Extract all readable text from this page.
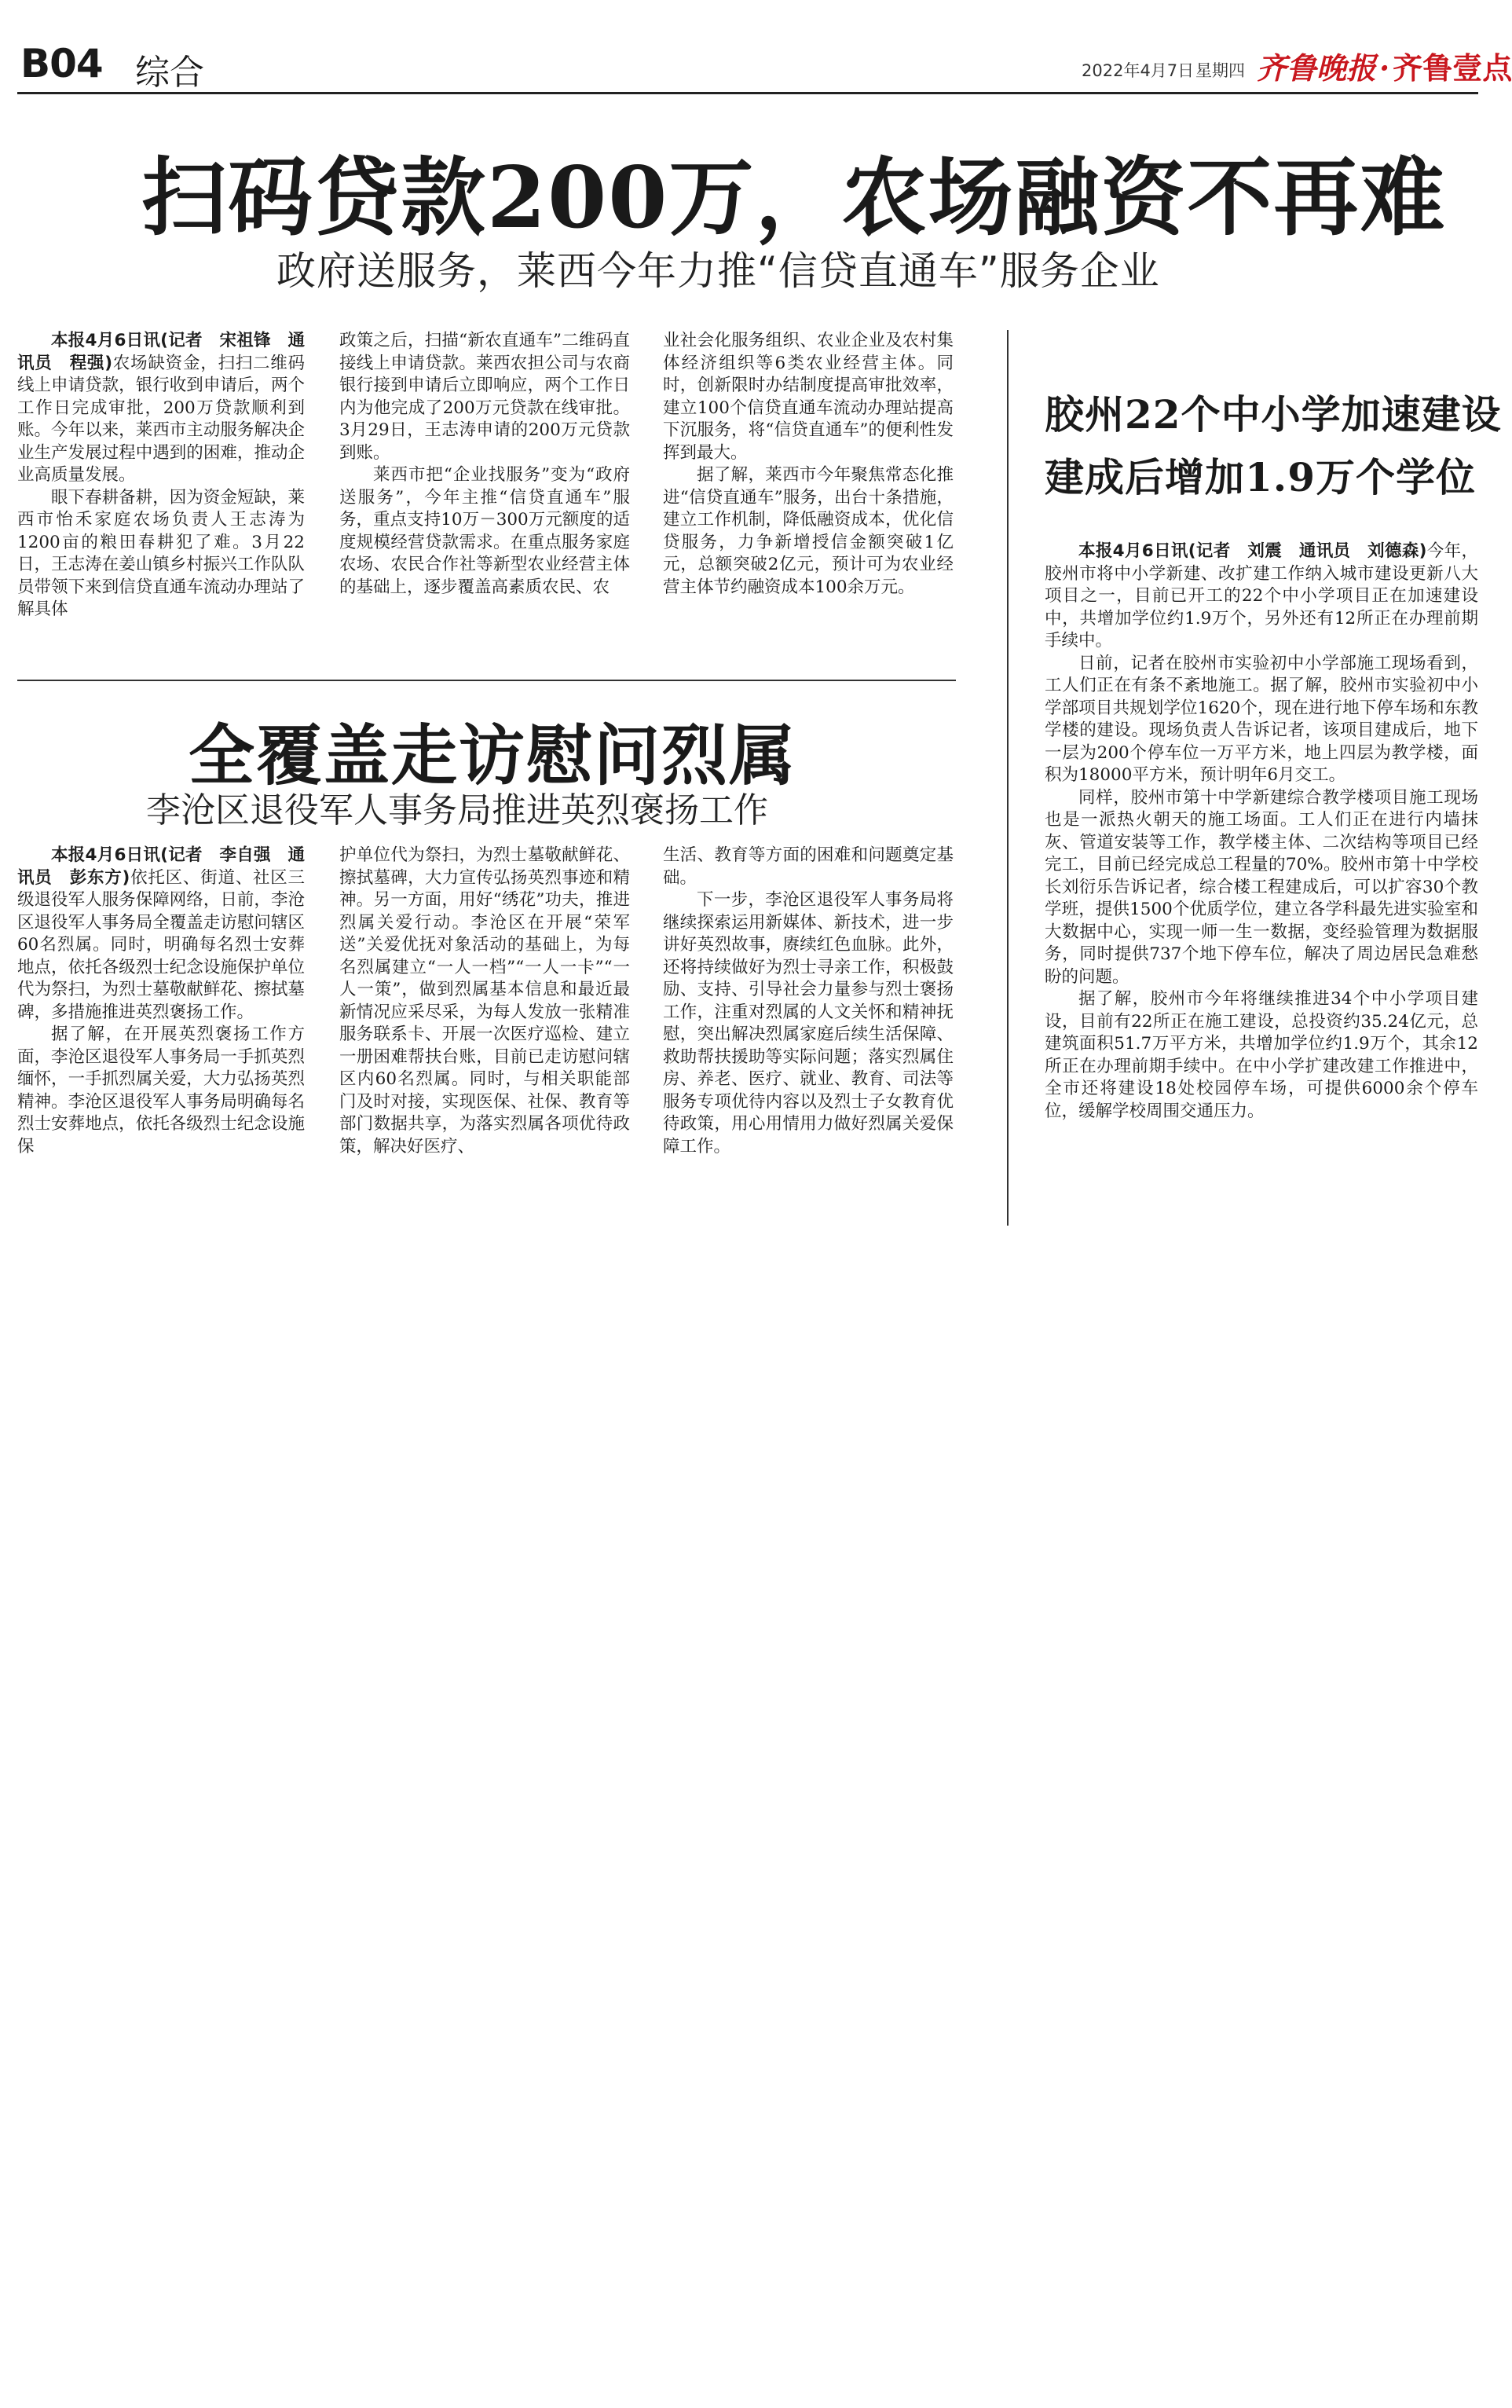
B04 综合	2022年4月7日 星期四 齐鲁晚报 · 齐鲁壹点
扫码贷款200万，农场融资不再难
政府送服务，莱西今年力推“信贷直通车”服务企业

本报4月6日讯(记者　宋祖锋　通讯员　程强)农场缺资金，扫扫二维码线上申请贷款，银行收到申请后，两个工作日完成审批，200万贷款顺利到账。今年以来，莱西市主动服务解决企业生产发展过程中遇到的困难，推动企业高质量发展。

眼下春耕备耕，因为资金短缺，莱西市怡禾家庭农场负责人王志涛为1200亩的粮田春耕犯了难。3月22日，王志涛在姜山镇乡村振兴工作队队员带领下来到信贷直通车流动办理站了解具体

政策之后，扫描“新农直通车”二维码直接线上申请贷款。莱西农担公司与农商银行接到申请后立即响应，两个工作日内为他完成了200万元贷款在线审批。3月29日，王志涛申请的200万元贷款到账。

莱西市把“企业找服务”变为“政府送服务”，今年主推“信贷直通车”服务，重点支持10万－300万元额度的适度规模经营贷款需求。在重点服务家庭农场、农民合作社等新型农业经营主体的基础上，逐步覆盖高素质农民、农

业社会化服务组织、农业企业及农村集体经济组织等6类农业经营主体。同时，创新限时办结制度提高审批效率，建立100个信贷直通车流动办理站提高下沉服务，将“信贷直通车”的便利性发挥到最大。

据了解，莱西市今年聚焦常态化推进“信贷直通车”服务，出台十条措施，建立工作机制，降低融资成本，优化信贷服务，力争新增授信金额突破1亿元，总额突破2亿元，预计可为农业经营主体节约融资成本100余万元。

全覆盖走访慰问烈属
李沧区退役军人事务局推进英烈褒扬工作

本报4月6日讯(记者　李自强　通讯员　彭东方)依托区、街道、社区三级退役军人服务保障网络，日前，李沧区退役军人事务局全覆盖走访慰问辖区60名烈属。同时，明确每名烈士安葬地点，依托各级烈士纪念设施保护单位代为祭扫，为烈士墓敬献鲜花、擦拭墓碑，多措施推进英烈褒扬工作。

据了解，在开展英烈褒扬工作方面，李沧区退役军人事务局一手抓英烈缅怀，一手抓烈属关爱，大力弘扬英烈精神。李沧区退役军人事务局明确每名烈士安葬地点，依托各级烈士纪念设施保

护单位代为祭扫，为烈士墓敬献鲜花、擦拭墓碑，大力宣传弘扬英烈事迹和精神。另一方面，用好“绣花”功夫，推进烈属关爱行动。李沧区在开展“荣军送”关爱优抚对象活动的基础上，为每名烈属建立“一人一档”“一人一卡”“一人一策”，做到烈属基本信息和最近最新情况应采尽采，为每人发放一张精准服务联系卡、开展一次医疗巡检、建立一册困难帮扶台账，目前已走访慰问辖区内60名烈属。同时，与相关职能部门及时对接，实现医保、社保、教育等部门数据共享，为落实烈属各项优待政策，解决好医疗、

生活、教育等方面的困难和问题奠定基础。

下一步，李沧区退役军人事务局将继续探索运用新媒体、新技术，进一步讲好英烈故事，赓续红色血脉。此外，还将持续做好为烈士寻亲工作，积极鼓励、支持、引导社会力量参与烈士褒扬工作，注重对烈属的人文关怀和精神抚慰，突出解决烈属家庭后续生活保障、救助帮扶援助等实际问题；落实烈属住房、养老、医疗、就业、教育、司法等服务专项优待内容以及烈士子女教育优待政策，用心用情用力做好烈属关爱保障工作。

胶州22个中小学加速建设
建成后增加1.9万个学位

本报4月6日讯(记者　刘震　通讯员　刘德森)今年，胶州市将中小学新建、改扩建工作纳入城市建设更新八大项目之一，目前已开工的22个中小学项目正在加速建设中，共增加学位约1.9万个，另外还有12所正在办理前期手续中。

日前，记者在胶州市实验初中小学部施工现场看到，工人们正在有条不紊地施工。据了解，胶州市实验初中小学部项目共规划学位1620个，现在进行地下停车场和东教学楼的建设。现场负责人告诉记者，该项目建成后，地下一层为200个停车位一万平方米，地上四层为教学楼，面积为18000平方米，预计明年6月交工。

同样，胶州市第十中学新建综合教学楼项目施工现场也是一派热火朝天的施工场面。工人们正在进行内墙抹灰、管道安装等工作，教学楼主体、二次结构等项目已经完工，目前已经完成总工程量的70%。胶州市第十中学校长刘衍乐告诉记者，综合楼工程建成后，可以扩容30个教学班，提供1500个优质学位，建立各学科最先进实验室和大数据中心，实现一师一生一数据，变经验管理为数据服务，同时提供737个地下停车位，解决了周边居民急难愁盼的问题。

据了解，胶州市今年将继续推进34个中小学项目建设，目前有22所正在施工建设，总投资约35.24亿元，总建筑面积51.7万平方米，共增加学位约1.9万个，其余12所正在办理前期手续中。在中小学扩建改建工作推进中，全市还将建设18处校园停车场，可提供6000余个停车位，缓解学校周围交通压力。
